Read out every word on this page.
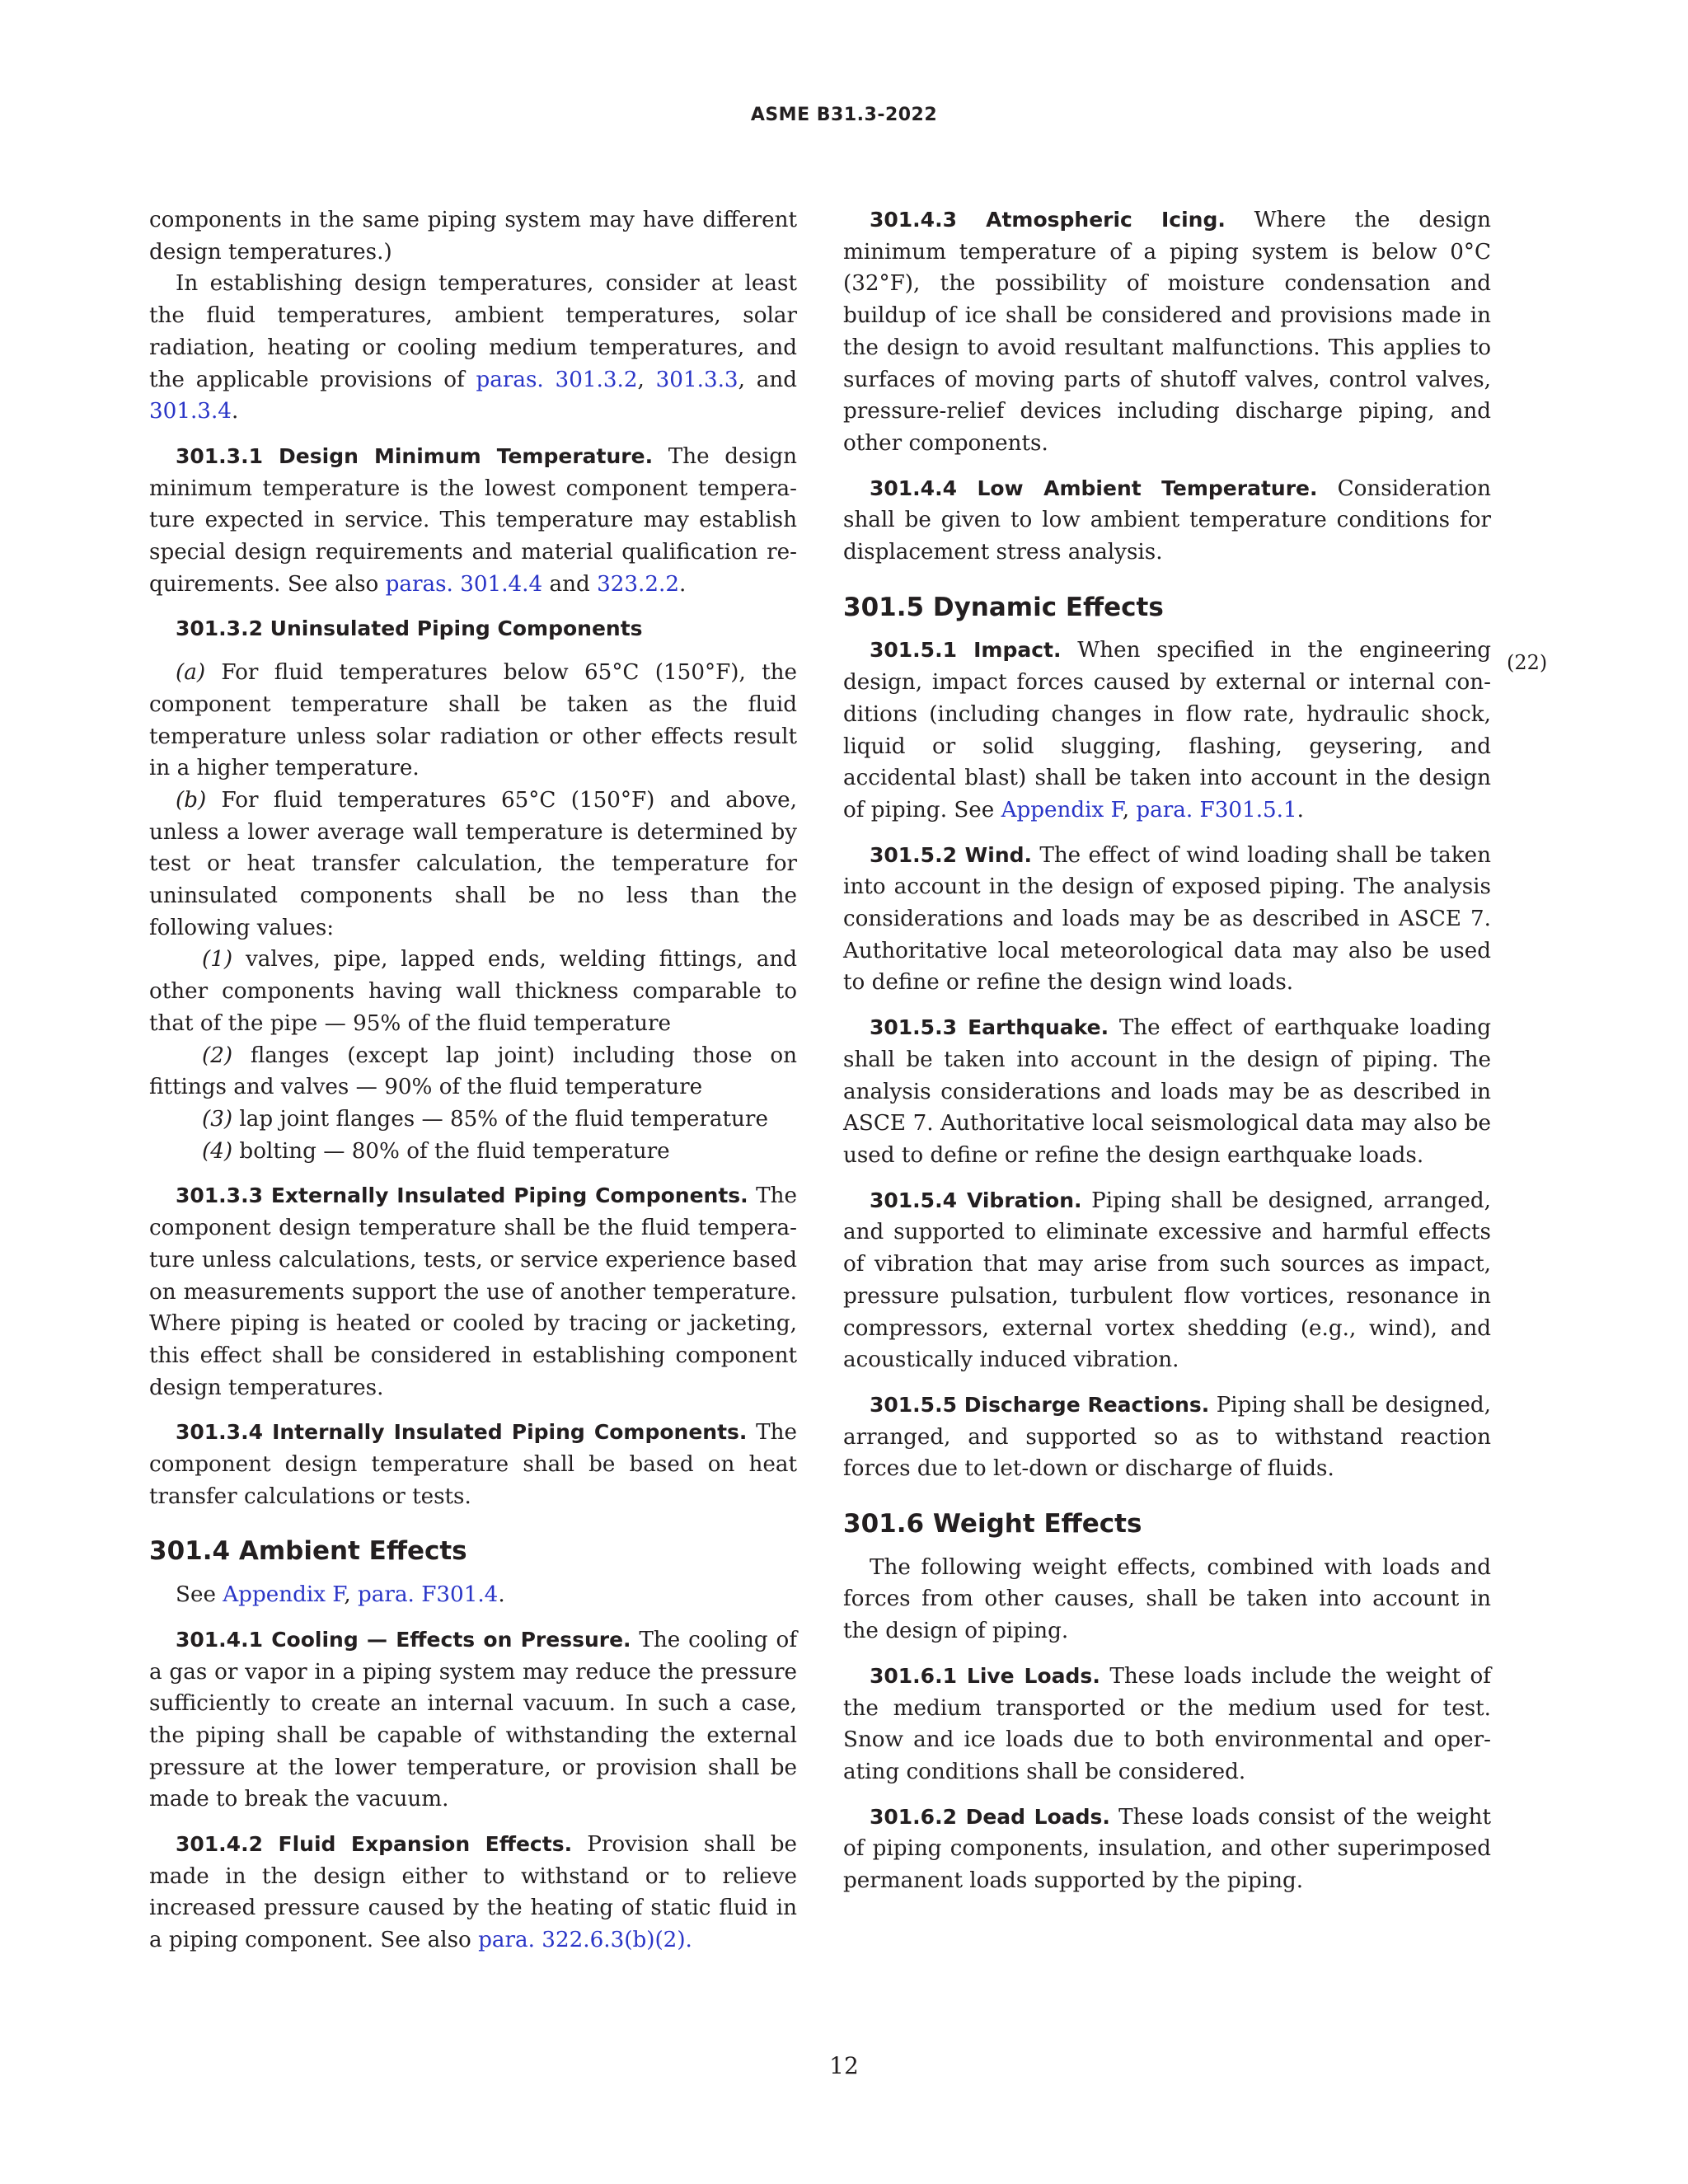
ASME B31.3-2022

components in the same piping system may have different design temperatures.)

In establishing design temperatures, consider at least the fluid temperatures, ambient temperatures, solar radiation, heating or cooling medium temperatures, and the applicable provisions of paras. 301.3.2, 301.3.3, and 301.3.4.

301.3.1 Design Minimum Temperature. The design minimum temperature is the lowest component temperature expected in service. This temperature may establish special design requirements and material qualification requirements. See also paras. 301.4.4 and 323.2.2.

301.3.2 Uninsulated Piping Components

(a) For fluid temperatures below 65°C (150°F), the component temperature shall be taken as the fluid temperature unless solar radiation or other effects result in a higher temperature.

(b) For fluid temperatures 65°C (150°F) and above, unless a lower average wall temperature is determined by test or heat transfer calculation, the temperature for uninsulated components shall be no less than the following values:

(1) valves, pipe, lapped ends, welding fittings, and other components having wall thickness comparable to that of the pipe — 95% of the fluid temperature

(2) flanges (except lap joint) including those on fittings and valves — 90% of the fluid temperature

(3) lap joint flanges — 85% of the fluid temperature

(4) bolting — 80% of the fluid temperature

301.3.3 Externally Insulated Piping Components. The component design temperature shall be the fluid temperature unless calculations, tests, or service experience based on measurements support the use of another temperature. Where piping is heated or cooled by tracing or jacketing, this effect shall be considered in establishing component design temperatures.

301.3.4 Internally Insulated Piping Components. The component design temperature shall be based on heat transfer calculations or tests.

301.4 Ambient Effects

See Appendix F, para. F301.4.

301.4.1 Cooling — Effects on Pressure. The cooling of a gas or vapor in a piping system may reduce the pressure sufficiently to create an internal vacuum. In such a case, the piping shall be capable of withstanding the external pressure at the lower temperature, or provision shall be made to break the vacuum.

301.4.2 Fluid Expansion Effects. Provision shall be made in the design either to withstand or to relieve increased pressure caused by the heating of static fluid in a piping component. See also para. 322.6.3(b)(2).

301.4.3 Atmospheric Icing. Where the design minimum temperature of a piping system is below 0°C (32°F), the possibility of moisture condensation and buildup of ice shall be considered and provisions made in the design to avoid resultant malfunctions. This applies to surfaces of moving parts of shutoff valves, control valves, pressure-relief devices including discharge piping, and other components.

301.4.4 Low Ambient Temperature. Consideration shall be given to low ambient temperature conditions for displacement stress analysis.

301.5 Dynamic Effects

301.5.1 Impact. When specified in the engineering design, impact forces caused by external or internal conditions (including changes in flow rate, hydraulic shock, liquid or solid slugging, flashing, geysering, and accidental blast) shall be taken into account in the design of piping. See Appendix F, para. F301.5.1.

301.5.2 Wind. The effect of wind loading shall be taken into account in the design of exposed piping. The analysis considerations and loads may be as described in ASCE 7. Authoritative local meteorological data may also be used to define or refine the design wind loads.

301.5.3 Earthquake. The effect of earthquake loading shall be taken into account in the design of piping. The analysis considerations and loads may be as described in ASCE 7. Authoritative local seismological data may also be used to define or refine the design earthquake loads.

301.5.4 Vibration. Piping shall be designed, arranged, and supported to eliminate excessive and harmful effects of vibration that may arise from such sources as impact, pressure pulsation, turbulent flow vortices, resonance in compressors, external vortex shedding (e.g., wind), and acoustically induced vibration.

301.5.5 Discharge Reactions. Piping shall be designed, arranged, and supported so as to withstand reaction forces due to let-down or discharge of fluids.

301.6 Weight Effects

The following weight effects, combined with loads and forces from other causes, shall be taken into account in the design of piping.

301.6.1 Live Loads. These loads include the weight of the medium transported or the medium used for test. Snow and ice loads due to both environmental and operating conditions shall be considered.

301.6.2 Dead Loads. These loads consist of the weight of piping components, insulation, and other superimposed permanent loads supported by the piping.

(22)
12
